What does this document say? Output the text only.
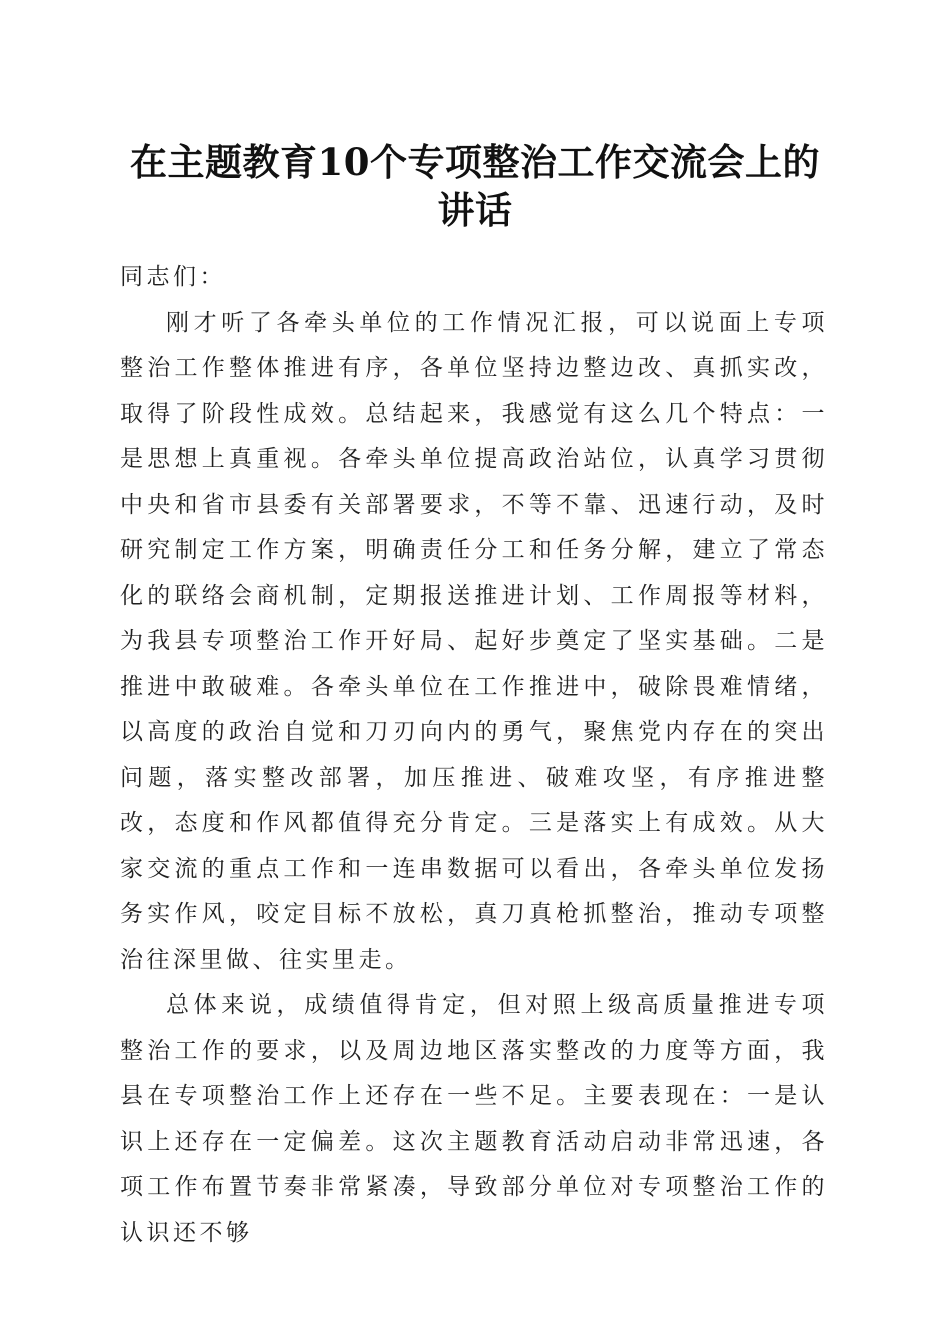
在主题教育10个专项整治工作交流会上的讲话

同志们：

刚才听了各牵头单位的工作情况汇报，可以说面上专项整治工作整体推进有序，各单位坚持边整边改、真抓实改，取得了阶段性成效。总结起来，我感觉有这么几个特点：一是思想上真重视。各牵头单位提高政治站位，认真学习贯彻中央和省市县委有关部署要求，不等不靠、迅速行动，及时研究制定工作方案，明确责任分工和任务分解，建立了常态化的联络会商机制，定期报送推进计划、工作周报等材料，为我县专项整治工作开好局、起好步奠定了坚实基础。二是推进中敢破难。各牵头单位在工作推进中，破除畏难情绪，以高度的政治自觉和刀刃向内的勇气，聚焦党内存在的突出问题，落实整改部署，加压推进、破难攻坚，有序推进整改，态度和作风都值得充分肯定。三是落实上有成效。从大家交流的重点工作和一连串数据可以看出，各牵头单位发扬务实作风，咬定目标不放松，真刀真枪抓整治，推动专项整治往深里做、往实里走。

总体来说，成绩值得肯定，但对照上级高质量推进专项整治工作的要求，以及周边地区落实整改的力度等方面，我县在专项整治工作上还存在一些不足。主要表现在：一是认识上还存在一定偏差。这次主题教育活动启动非常迅速，各项工作布置节奏非常紧凑，导致部分单位对专项整治工作的认识还不够
